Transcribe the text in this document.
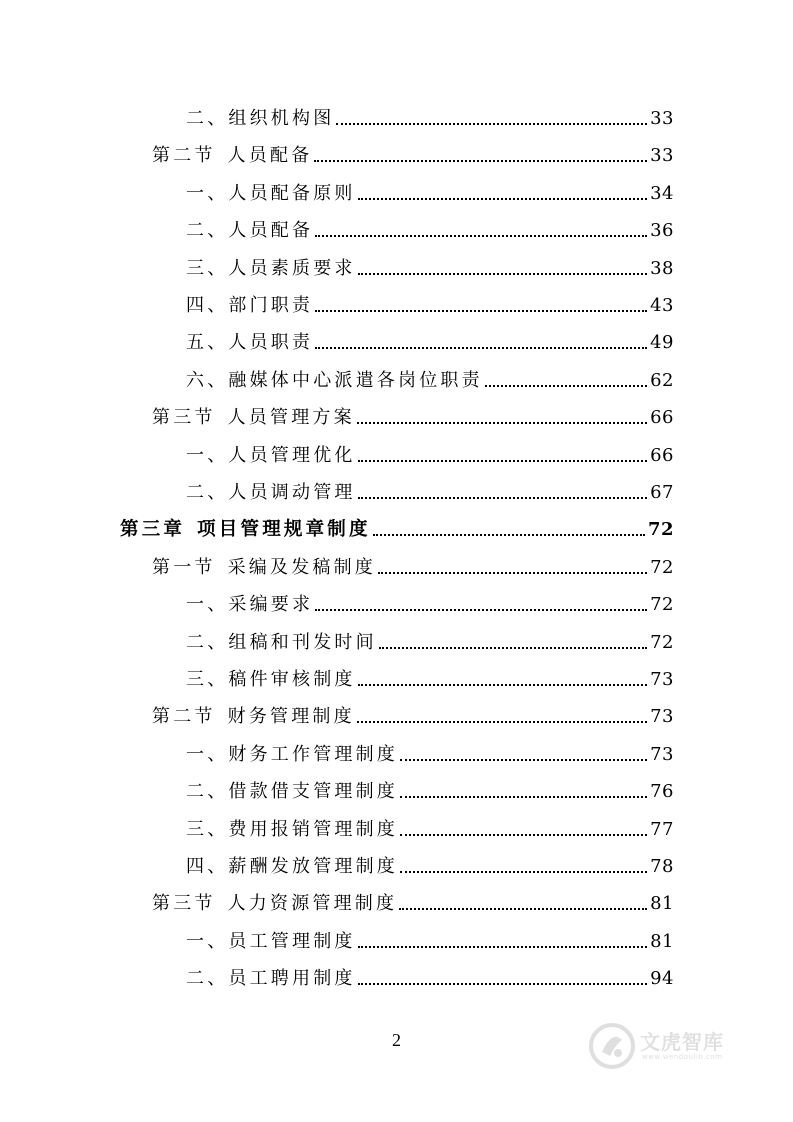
二、组织机构图	33
第二节 人员配备	33
一、人员配备原则	34
二、人员配备	36
三、人员素质要求	38
四、部门职责	43
五、人员职责	49
六、融媒体中心派遣各岗位职责	62
第三节 人员管理方案	66
一、人员管理优化	66
二、人员调动管理	67
第三章 项目管理规章制度	72
第一节 采编及发稿制度	72
一、采编要求	72
二、组稿和刊发时间	72
三、稿件审核制度	73
第二节 财务管理制度	73
一、财务工作管理制度	73
二、借款借支管理制度	76
三、费用报销管理制度	77
四、薪酬发放管理制度	78
第三节 人力资源管理制度	81
一、员工管理制度	81
二、员工聘用制度	94
2	文虎智库
www.wendoulib.com
